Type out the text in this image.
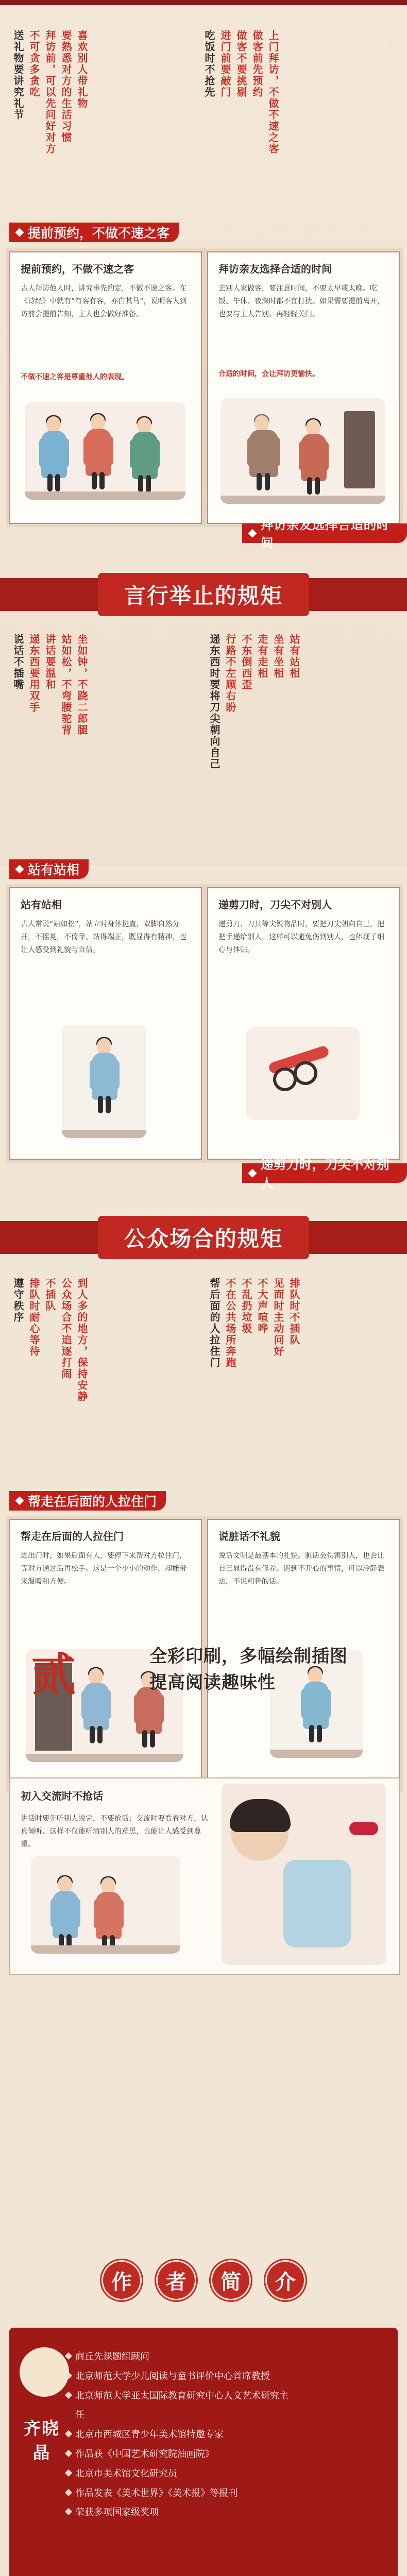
喜欢别人带礼物
要熟悉对方的生活习惯
拜访前，可以先问好对方
不可贪多贪吃
送礼物要讲究礼节	上门拜访，不做不速之客
做客前先预约
做客不要挑剔
进门前要敲门
吃饭时不抢先
提前预约，不做不速之客
提前预约，不做不速之客
古人拜访他人时，讲究事先约定，不做不速之客。在《诗经》中就有“有客有客，亦白其马”，说明客人到访前会提前告知，主人也会做好准备。
不做不速之客是尊重他人的表现。
拜访亲友选择合适的时间
去别人家做客，要注意时间，不要太早或太晚。吃饭、午休、夜深时都不宜打扰。如果需要提前离开，也要与主人告别，再轻轻关门。
合适的时间，会让拜访更愉快。
拜访亲友选择合适的时间
言行举止的规矩
坐如钟，不跷二郎腿
站如松，不弯腰驼背
讲话要温和
递东西要用双手
说话不插嘴	站有站相
坐有坐相
走有走相
不东倒西歪
行路不左顾右盼
递东西时要将刀尖朝向自己
站有站相
站有站相
古人常说“站如松”，站立时身体挺直，双脚自然分开，不摇晃，不倚靠。站得端正，既显得有精神，也让人感受到礼貌与自信。
递剪刀时，刀尖不对别人
递剪刀、刀具等尖锐物品时，要把刀尖朝向自己，把把手递给别人，这样可以避免伤到别人，也体现了细心与体贴。
递剪刀时，刀尖不对别人
公众场合的规矩
到人多的地方，保持安静
公众场合不追逐打闹
不插队
排队时耐心等待
遵守秩序	排队时不插队
见面时主动问好
不大声喧哗
不乱扔垃圾
不在公共场所奔跑
帮后面的人拉住门
帮走在后面的人拉住门
帮走在后面的人拉住门
进出门时，如果后面有人，要停下来帮对方拉住门，等对方通过后再松手。这是一个小小的动作，却能带来温暖和方便。
说脏话不礼貌
说话文明是最基本的礼貌。脏话会伤害别人，也会让自己显得没有修养。遇到不开心的事情，可以冷静表达，不说粗鲁的话。
贰	全彩印刷，多幅绘制插图
提高阅读趣味性
初入交流时不抢话
讲话时要先听别人说完，不要抢话；交流时要看着对方，认真倾听。这样不仅能听清别人的意思，也能让人感受到尊重。
作	者	简	介
齐晓晶
商丘先课题组顾问
北京师范大学少儿阅读与童书评价中心首席教授
北京师范大学亚太国际教育研究中心人文艺术研究主任
北京市西城区青少年美术馆特邀专家
作品获《中国艺术研究院油画院》
北京市美术馆文化研究员
作品发表《美术世界》《美术报》等报刊
荣获多项国家级奖项
